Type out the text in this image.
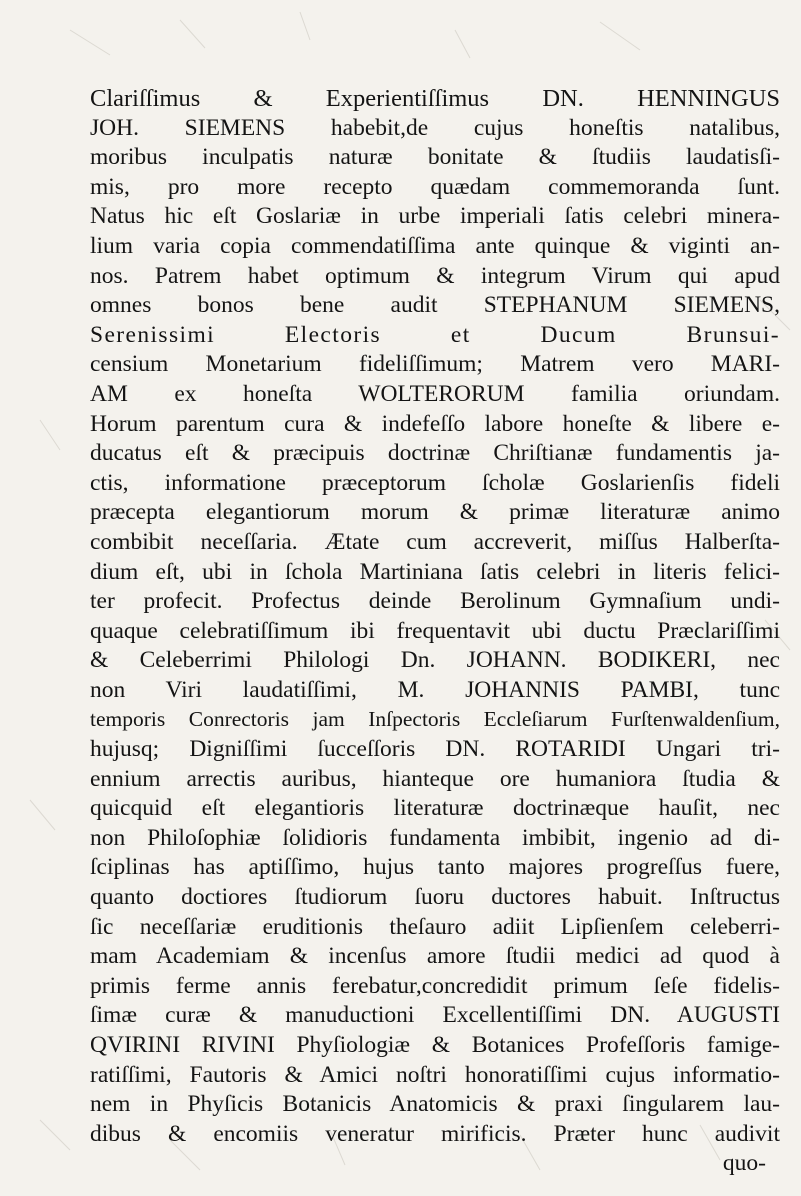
Clariſſimus & Experientiſſimus DN. HENNINGUS
JOH. SIEMENS habebit,de cujus honeſtis natalibus,
moribus inculpatis naturæ bonitate & ſtudiis laudatisſi-
mis, pro more recepto quædam commemoranda ſunt.
Natus hic eſt Goslariæ in urbe imperiali ſatis celebri minera-
lium varia copia commendatiſſima ante quinque & viginti an-
nos. Patrem habet optimum & integrum Virum qui apud
omnes bonos bene audit STEPHANUM SIEMENS,
Serenissimi Electoris et Ducum Brunsui-
censium Monetarium fideliſſimum; Matrem vero MARI-
AM ex honeſta WOLTERORUM familia oriundam.
Horum parentum cura & indefeſſo labore honeſte & libere e-
ducatus eſt & præcipuis doctrinæ Chriſtianæ fundamentis ja-
ctis, informatione præceptorum ſcholæ Goslarienſis fideli
præcepta elegantiorum morum & primæ literaturæ animo
combibit neceſſaria. Ætate cum accreverit, miſſus Halberſta-
dium eſt, ubi in ſchola Martiniana ſatis celebri in literis felici-
ter profecit. Profectus deinde Berolinum Gymnaſium undi-
quaque celebratiſſimum ibi frequentavit ubi ductu Præclariſſimi
& Celeberrimi Philologi Dn. JOHANN. BODIKERI, nec
non Viri laudatiſſimi, M. JOHANNIS PAMBI, tunc
temporis Conrectoris jam Inſpectoris Eccleſiarum Furſtenwaldenſium,
hujusq; Digniſſimi ſucceſſoris DN. ROTARIDI Ungari tri-
ennium arrectis auribus, hianteque ore humaniora ſtudia &
quicquid eſt elegantioris literaturæ doctrinæque hauſit, nec
non Philoſophiæ ſolidioris fundamenta imbibit, ingenio ad di-
ſciplinas has aptiſſimo, hujus tanto majores progreſſus fuere,
quanto doctiores ſtudiorum ſuoru ductores habuit. Inſtructus
ſic neceſſariæ eruditionis theſauro adiit Lipſienſem celeberri-
mam Academiam & incenſus amore ſtudii medici ad quod à
primis ferme annis ferebatur,concredidit primum ſeſe fidelis-
ſimæ curæ & manuductioni Excellentiſſimi DN. AUGUSTI
QVIRINI RIVINI Phyſiologiæ & Botanices Profeſſoris famige-
ratiſſimi, Fautoris & Amici noſtri honoratiſſimi cujus informatio-
nem in Phyſicis Botanicis Anatomicis & praxi ſingularem lau-
dibus & encomiis veneratur mirificis. Præter hunc audivit
quo-
